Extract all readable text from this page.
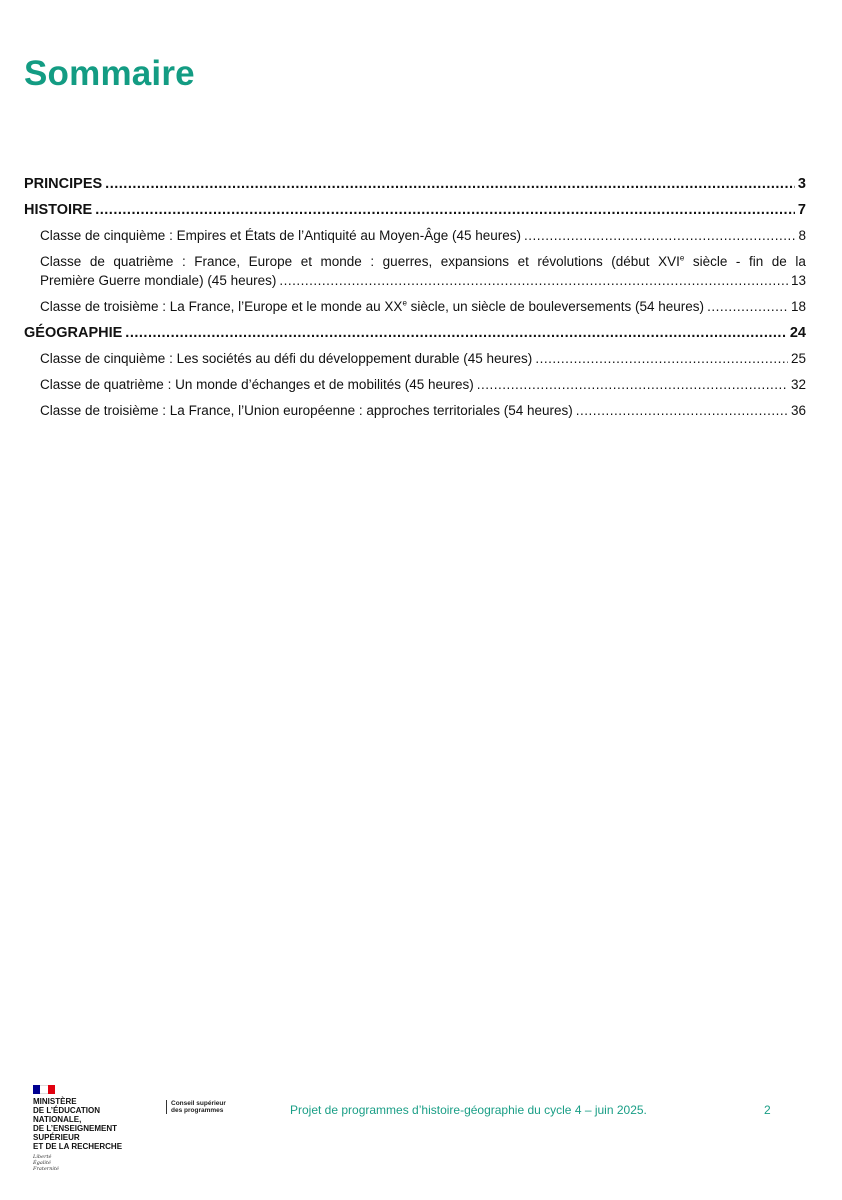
Sommaire
PRINCIPES .....	3
HISTOIRE .....	7
Classe de cinquième : Empires et États de l’Antiquité au Moyen-Âge (45 heures) .....	8
Classe de quatrième : France, Europe et monde : guerres, expansions et révolutions (début XVIe siècle - fin de la
Première Guerre mondiale) (45 heures) .....	13
Classe de troisième : La France, l’Europe et le monde au XXe siècle, un siècle de bouleversements (54 heures) .....	18
GÉOGRAPHIE .....	24
Classe de cinquième : Les sociétés au défi du développement durable (45 heures) .....	25
Classe de quatrième : Un monde d’échanges et de mobilités (45 heures) .....	32
Classe de troisième : La France, l’Union européenne : approches territoriales (54 heures) .....	36
MINISTÈRE
DE L’ÉDUCATION
NATIONALE,
DE L’ENSEIGNEMENT
SUPÉRIEUR
ET DE LA RECHERCHE
Liberté
Égalité
Fraternité
Conseil supérieur
des programmes	Projet de programmes d’histoire-géographie du cycle 4 – juin 2025.	2
